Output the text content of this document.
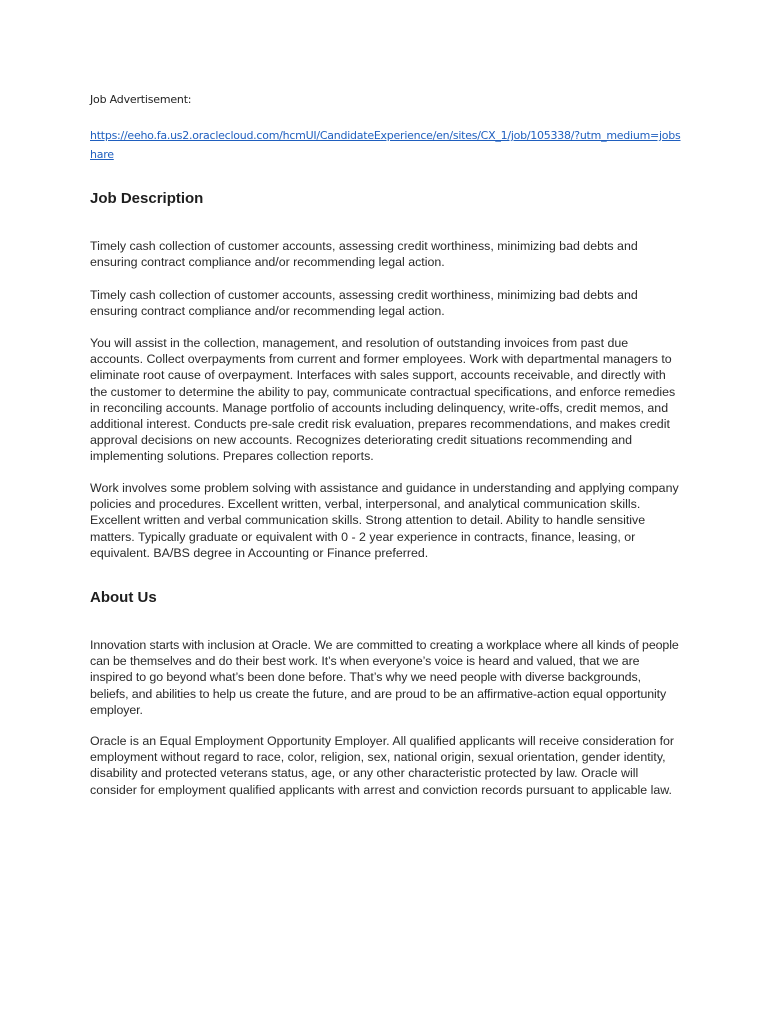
Job Advertisement:
https://eeho.fa.us2.oraclecloud.com/hcmUI/CandidateExperience/en/sites/CX_1/job/105338/?utm_medium=jobshare
Job Description

Timely cash collection of customer accounts, assessing credit worthiness, minimizing bad debts and ensuring contract compliance and/or recommending legal action.

Timely cash collection of customer accounts, assessing credit worthiness, minimizing bad debts and ensuring contract compliance and/or recommending legal action.

You will assist in the collection, management, and resolution of outstanding invoices from past due accounts. Collect overpayments from current and former employees. Work with departmental managers to eliminate root cause of overpayment. Interfaces with sales support, accounts receivable, and directly with the customer to determine the ability to pay, communicate contractual specifications, and enforce remedies in reconciling accounts. Manage portfolio of accounts including delinquency, write-offs, credit memos, and additional interest. Conducts pre-sale credit risk evaluation, prepares recommendations, and makes credit approval decisions on new accounts. Recognizes deteriorating credit situations recommending and implementing solutions. Prepares collection reports.

Work involves some problem solving with assistance and guidance in understanding and applying company policies and procedures. Excellent written, verbal, interpersonal, and analytical communication skills. Excellent written and verbal communication skills. Strong attention to detail. Ability to handle sensitive matters. Typically graduate or equivalent with 0 - 2 year experience in contracts, finance, leasing, or equivalent. BA/BS degree in Accounting or Finance preferred.

About Us

Innovation starts with inclusion at Oracle. We are committed to creating a workplace where all kinds of people can be themselves and do their best work. It’s when everyone’s voice is heard and valued, that we are inspired to go beyond what’s been done before. That’s why we need people with diverse backgrounds, beliefs, and abilities to help us create the future, and are proud to be an affirmative-action equal opportunity employer.

Oracle is an Equal Employment Opportunity Employer. All qualified applicants will receive consideration for employment without regard to race, color, religion, sex, national origin, sexual orientation, gender identity, disability and protected veterans status, age, or any other characteristic protected by law. Oracle will consider for employment qualified applicants with arrest and conviction records pursuant to applicable law.
